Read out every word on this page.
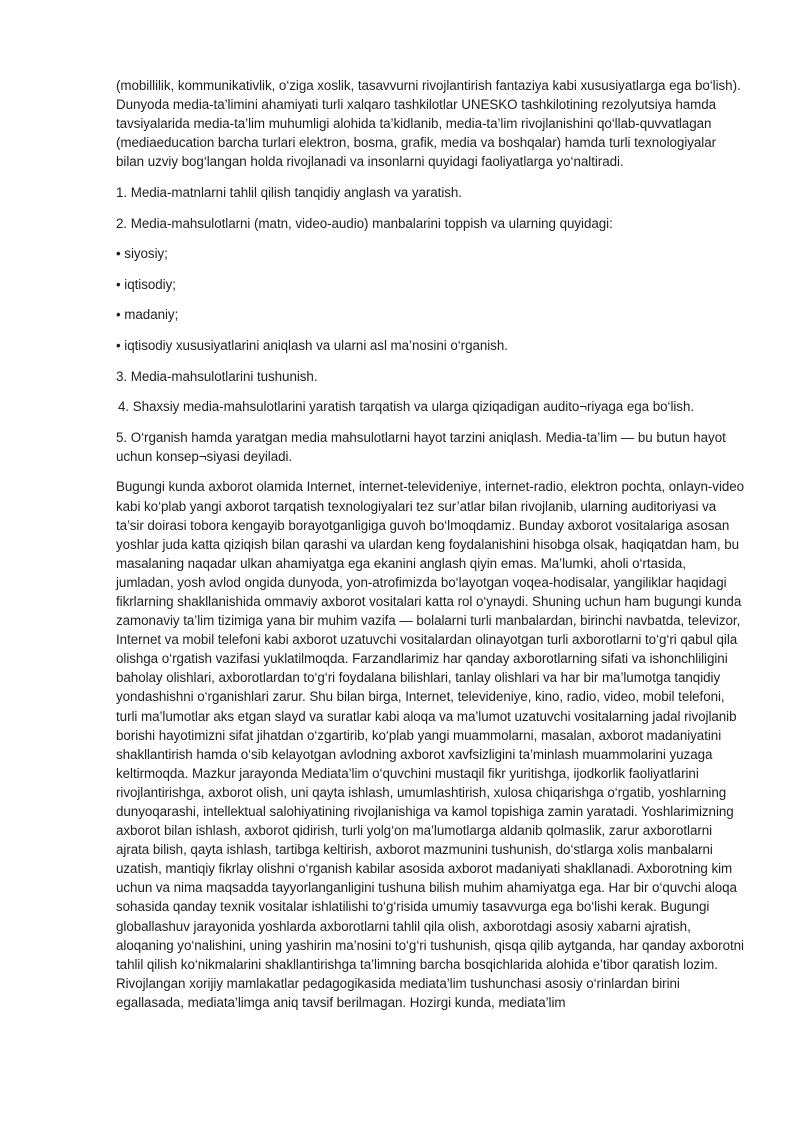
(mobillilik, kommunikativlik, o‘ziga xoslik, tasavvurni rivojlantirish fantaziya kabi xususiyatlarga ega bo‘lish). Dunyoda media-ta’limini ahamiyati turli xalqaro tashkilotlar UNESKO tashkilotining rezolyutsiya hamda tavsiyalarida media-ta’lim muhumligi alohida ta’kidlanib, media-ta’lim rivojlanishini qo‘llab-quvvatlagan (mediaeducation barcha turlari elektron, bosma, grafik, media va boshqalar) hamda turli texnologiyalar bilan uzviy bog‘langan holda rivojlanadi va insonlarni quyidagi faoliyatlarga yo‘naltiradi.

1. Media-matnlarni tahlil qilish tanqidiy anglash va yaratish.

2. Media-mahsulotlarni (matn, video-audio) manbalarini toppish va ularning quyidagi:

• siyosiy;

• iqtisodiy;

• madaniy;

• iqtisodiy xususiyatlarini aniqlash va ularni asl ma’nosini o‘rganish.

3. Media-mahsulotlarini tushunish.

4. Shaxsiy media-mahsulotlarini yaratish tarqatish va ularga qiziqadigan audito¬riyaga ega bo‘lish.

5. O‘rganish hamda yaratgan media mahsulotlarni hayot tarzini aniqlash. Media-ta’lim — bu butun hayot uchun konsep¬siyasi deyiladi.

Bugungi kunda axborot olamida Internet, internet-televideniye, internet-radio, elektron pochta, onlayn-video kabi ko‘plab yangi axborot tarqatish texnologiyalari tez sur’atlar bilan rivojlanib, ularning auditoriyasi va ta’sir doirasi tobora kengayib borayotganligiga guvoh bo‘lmoqdamiz. Bunday axborot vositalariga asosan yoshlar juda katta qiziqish bilan qarashi va ulardan keng foydalanishini hisobga olsak, haqiqatdan ham, bu masalaning naqadar ulkan ahamiyatga ega ekanini anglash qiyin emas. Ma’lumki, aholi o‘rtasida, jumladan, yosh avlod ongida dunyoda, yon-atrofimizda bo‘layotgan voqea-hodisalar, yangiliklar haqidagi fikrlarning shakllanishida ommaviy axborot vositalari katta rol o‘ynaydi. Shuning uchun ham bugungi kunda zamonaviy ta’lim tizimiga yana bir muhim vazifa — bolalarni turli manbalardan, birinchi navbatda, televizor, Internet va mobil telefoni kabi axborot uzatuvchi vositalardan olinayotgan turli axborotlarni to‘g‘ri qabul qila olishga o‘rgatish vazifasi yuklatilmoqda. Farzandlarimiz har qanday axborotlarning sifati va ishonchliligini baholay olishlari, axborotlardan to‘g‘ri foydalana bilishlari, tanlay olishlari va har bir ma’lumotga tanqidiy yondashishni o‘rganishlari zarur. Shu bilan birga, Internet, televideniye, kino, radio, video, mobil telefoni, turli ma’lumotlar aks etgan slayd va suratlar kabi aloqa va ma’lumot uzatuvchi vositalarning jadal rivojlanib borishi hayotimizni sifat jihatdan o‘zgartirib, ko‘plab yangi muammolarni, masalan, axborot madaniyatini shakllantirish hamda o‘sib kelayotgan avlodning axborot xavfsizligini ta’minlash muammolarini yuzaga keltirmoqda. Mazkur jarayonda Mediata’lim o‘quvchini mustaqil fikr yuritishga, ijodkorlik faoliyatlarini rivojlantirishga, axborot olish, uni qayta ishlash, umumlashtirish, xulosa chiqarishga o‘rgatib, yoshlarning dunyoqarashi, intellektual salohiyatining rivojlanishiga va kamol topishiga zamin yaratadi. Yoshlarimizning axborot bilan ishlash, axborot qidirish, turli yolg‘on ma’lumotlarga aldanib qolmaslik, zarur axborotlarni ajrata bilish, qayta ishlash, tartibga keltirish, axborot mazmunini tushunish, do‘stlarga xolis manbalarni uzatish, mantiqiy fikrlay olishni o‘rganish kabilar asosida axborot madaniyati shakllanadi. Axborotning kim uchun va nima maqsadda tayyorlanganligini tushuna bilish muhim ahamiyatga ega. Har bir o‘quvchi aloqa sohasida qanday texnik vositalar ishlatilishi to‘g‘risida umumiy tasavvurga ega bo‘lishi kerak. Bugungi globallashuv jarayonida yoshlarda axborotlarni tahlil qila olish, axborotdagi asosiy xabarni ajratish, aloqaning yo‘nalishini, uning yashirin ma’nosini to‘g‘ri tushunish, qisqa qilib aytganda, har qanday axborotni tahlil qilish ko‘nikmalarini shakllantirishga ta’limning barcha bosqichlarida alohida e’tibor qaratish lozim. Rivojlangan xorijiy mamlakatlar pedagogikasida mediata’lim tushunchasi asosiy o‘rinlardan birini egallasada, mediata’limga aniq tavsif berilmagan. Hozirgi kunda, mediata’lim
